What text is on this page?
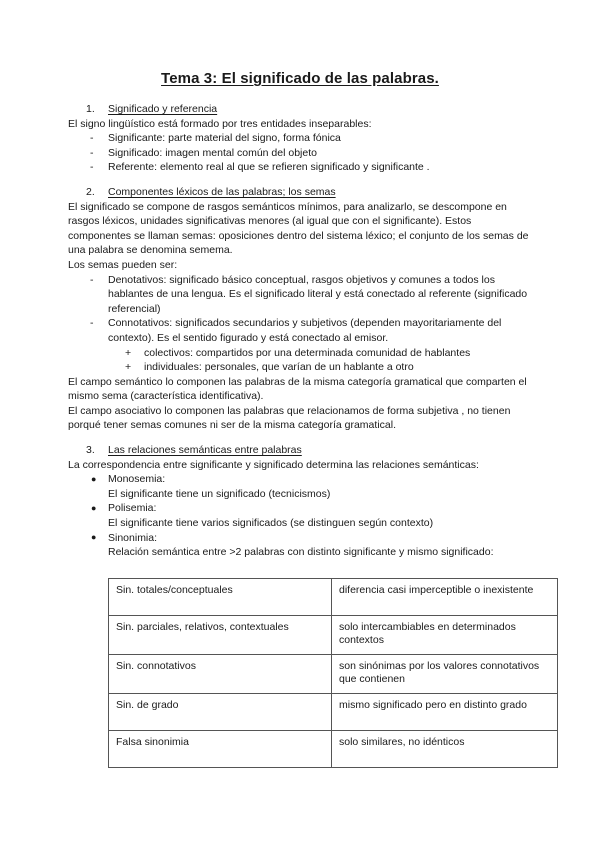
Tema 3: El significado de las palabras.
1. Significado y referencia

El signo lingüístico está formado por tres entidades inseparables:

- Significante: parte material del signo, forma fónica
- Significado: imagen mental común del objeto
- Referente: elemento real al que se refieren significado y significante .
2. Componentes léxicos de las palabras; los semas

El significado se compone de rasgos semánticos mínimos, para analizarlo, se descompone en rasgos léxicos, unidades significativas menores (al igual que con el significante). Estos componentes se llaman semas: oposiciones dentro del sistema léxico; el conjunto de los semas de una palabra se denomina semema.

Los semas pueden ser:

- Denotativos: significado básico conceptual, rasgos objetivos y comunes a todos los hablantes de una lengua. Es el significado literal y está conectado al referente (significado referencial)
- Connotativos: significados secundarios y subjetivos (dependen mayoritariamente del contexto). Es el sentido figurado y está conectado al emisor.
+ colectivos: compartidos por una determinada comunidad de hablantes
+ individuales: personales, que varían de un hablante a otro

El campo semántico lo componen las palabras de la misma categoría gramatical que comparten el mismo sema (característica identificativa).

El campo asociativo lo componen las palabras que relacionamos de forma subjetiva , no tienen porqué tener semas comunes ni ser de la misma categoría gramatical.

3. Las relaciones semánticas entre palabras

La correspondencia entre significante y significado determina las relaciones semánticas:

● Monosemia:
El significante tiene un significado (tecnicismos)
● Polisemia:
El significante tiene varios significados (se distinguen según contexto)
● Sinonimia:
Relación semántica entre >2 palabras con distinto significante y mismo significado:
Sin. totales/conceptuales	diferencia casi imperceptible o inexistente
Sin. parciales, relativos, contextuales	solo intercambiables en determinados contextos
Sin. connotativos	son sinónimas por los valores connotativos que contienen
Sin. de grado	mismo significado pero en distinto grado
Falsa sinonimia	solo similares, no idénticos
